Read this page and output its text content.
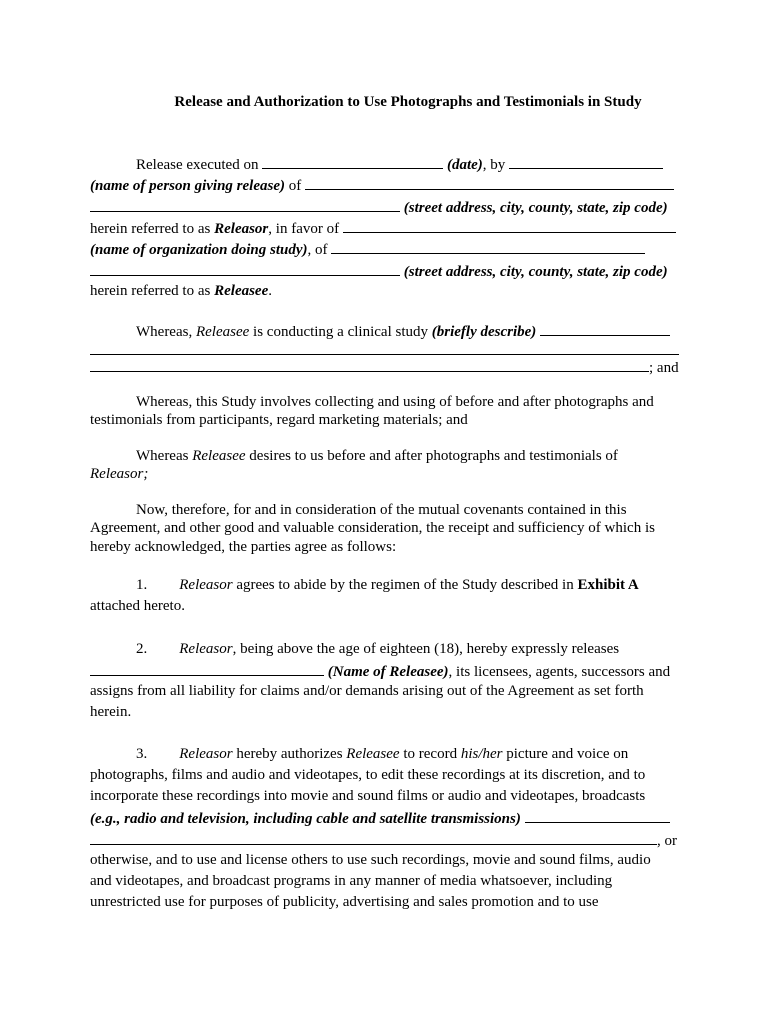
Release and Authorization to Use Photographs and Testimonials in Study
Release executed on	(date), by
(name of person giving release) of
(street address, city, county, state, zip code)
herein referred to as Releasor, in favor of
(name of organization doing study), of
(street address, city, county, state, zip code)
herein referred to as Releasee.
Whereas, Releasee is conducting a clinical study (briefly describe)
; and
Whereas, this Study involves collecting and using of before and after photographs and
testimonials from participants, regard marketing materials; and
Whereas Releasee desires to us before and after photographs and testimonials of
Releasor;
Now, therefore, for and in consideration of the mutual covenants contained in this
Agreement, and other good and valuable consideration, the receipt and sufficiency of which is
hereby acknowledged, the parties agree as follows:
1. Releasor agrees to abide by the regimen of the Study described in Exhibit A
attached hereto.
2. Releasor, being above the age of eighteen (18), hereby expressly releases
(Name of Releasee), its licensees, agents, successors and
assigns from all liability for claims and/or demands arising out of the Agreement as set forth
herein.
3. Releasor hereby authorizes Releasee to record his/her picture and voice on
photographs, films and audio and videotapes, to edit these recordings at its discretion, and to
incorporate these recordings into movie and sound films or audio and videotapes, broadcasts
(e.g., radio and television, including cable and satellite transmissions)
, or
otherwise, and to use and license others to use such recordings, movie and sound films, audio
and videotapes, and broadcast programs in any manner of media whatsoever, including
unrestricted use for purposes of publicity, advertising and sales promotion and to use
